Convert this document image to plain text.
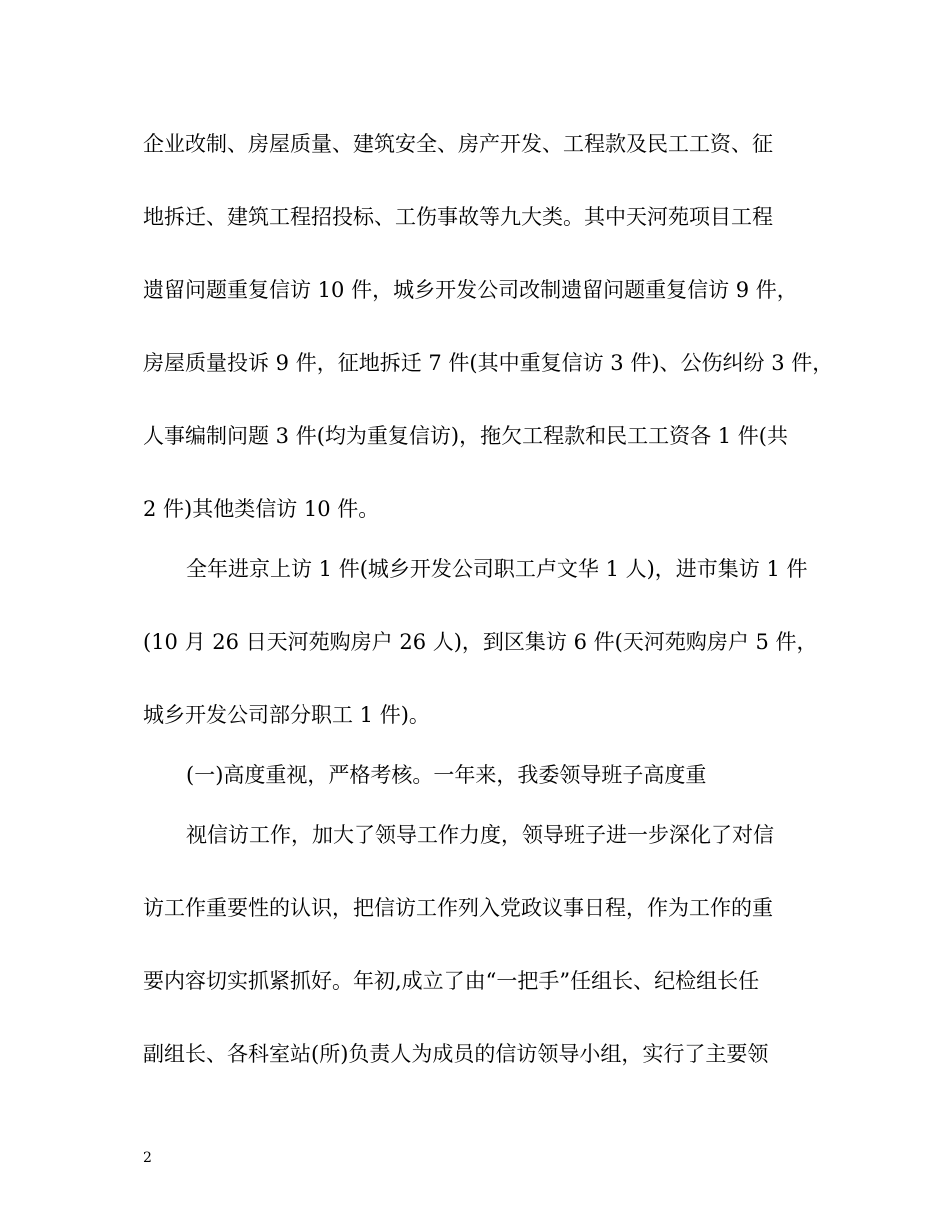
企业改制、房屋质量、建筑安全、房产开发、工程款及民工工资、征
地拆迁、建筑工程招投标、工伤事故等九大类。其中天河苑项目工程
遗留问题重复信访 10 件，城乡开发公司改制遗留问题重复信访 9 件，
房屋质量投诉 9 件，征地拆迁 7 件(其中重复信访 3 件)、公伤纠纷 3 件，
人事编制问题 3 件(均为重复信访)，拖欠工程款和民工工资各 1 件(共
2 件)其他类信访 10 件。
全年进京上访 1 件(城乡开发公司职工卢文华 1 人)，进市集访 1 件
(10 月 26 日天河苑购房户 26 人)，到区集访 6 件(天河苑购房户 5 件，
城乡开发公司部分职工 1 件)。
(一)高度重视，严格考核。一年来，我委领导班子高度重
视信访工作，加大了领导工作力度，领导班子进一步深化了对信
访工作重要性的认识，把信访工作列入党政议事日程，作为工作的重
要内容切实抓紧抓好。年初,成立了由“一把手”任组长、纪检组长任
副组长、各科室站(所)负责人为成员的信访领导小组，实行了主要领
2
